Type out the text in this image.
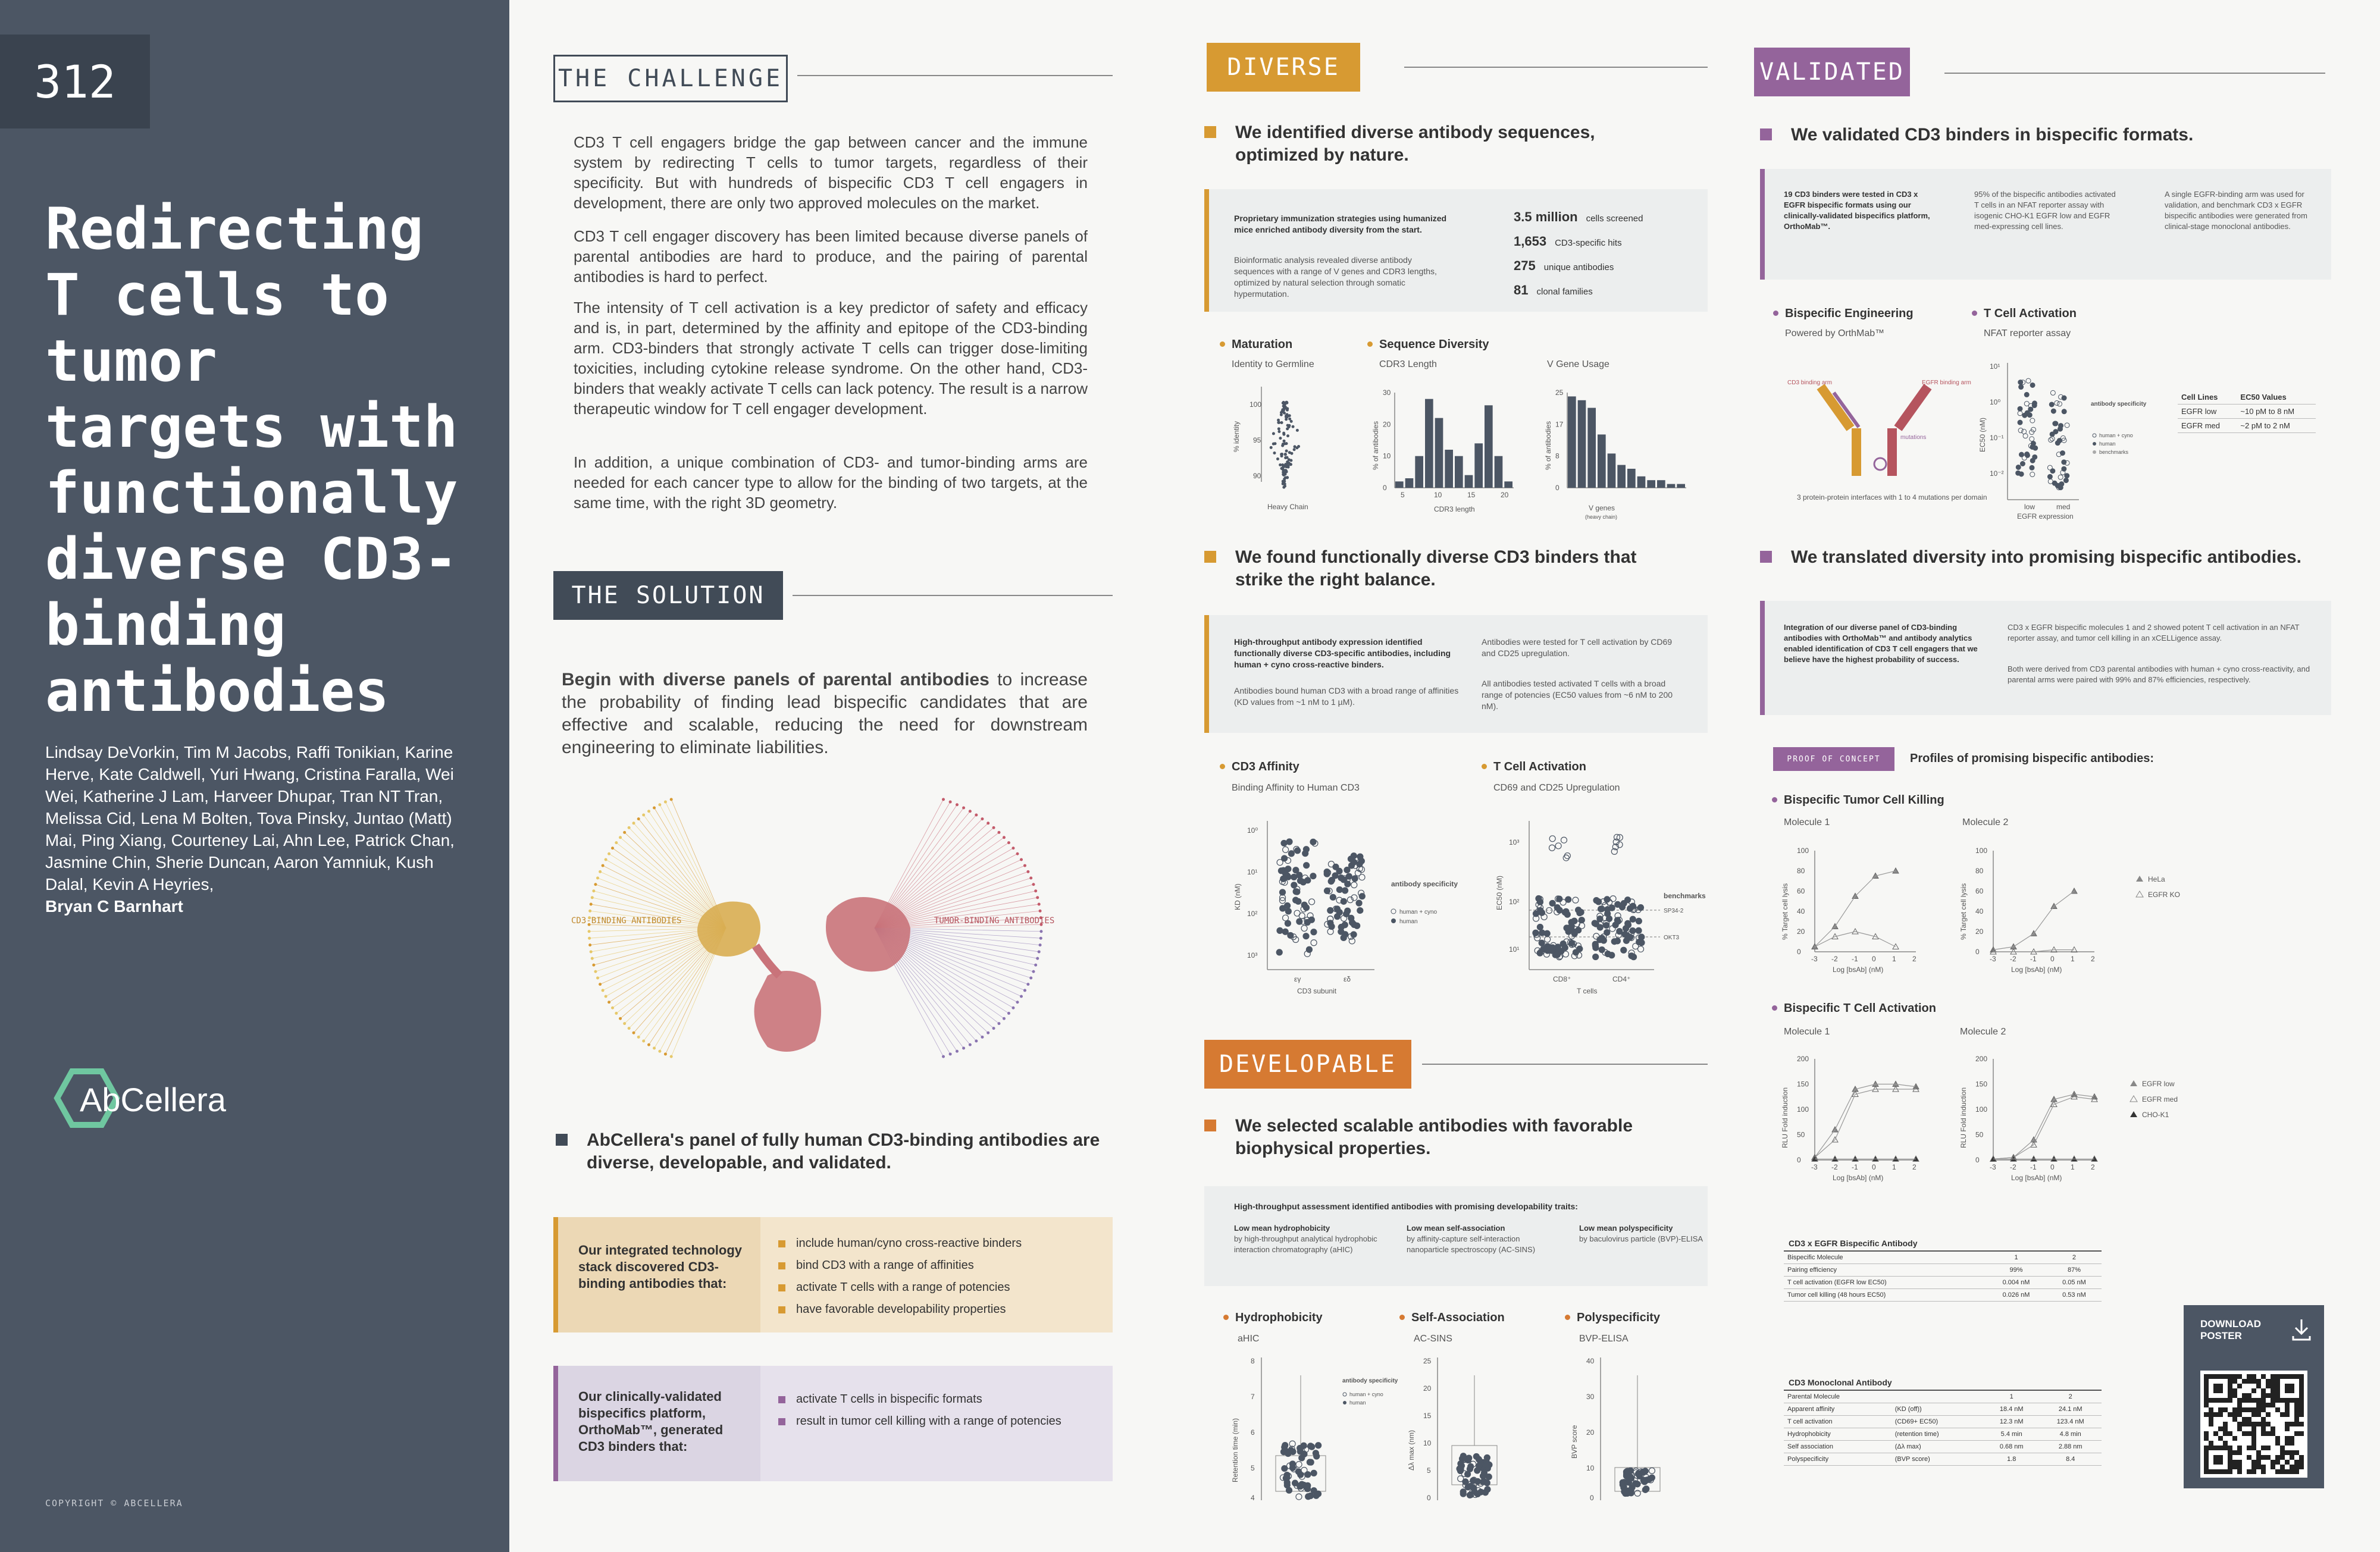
312
Redirecting T cells to tumor targets with functionally diverse CD3-binding antibodies
Lindsay DeVorkin, Tim M Jacobs, Raffi Tonikian, Karine Herve, Kate Caldwell, Yuri Hwang, Cristina Faralla, Wei Wei, Katherine J Lam, Harveer Dhupar, Tran NT Tran, Melissa Cid, Lena M Bolten, Tova Pinsky, Juntao (Matt) Mai, Ping Xiang, Courteney Lai, Ahn Lee, Patrick Chan, Jasmine Chin, Sherie Duncan, Aaron Yamniuk, Kush Dalal, Kevin A Heyries,
Bryan C Barnhart
AbCellera
COPYRIGHT © ABCELLERA
THE CHALLENGE
CD3 T cell engagers bridge the gap between cancer and the immune system by redirecting T cells to tumor targets, regardless of their specificity. But with hundreds of bispecific CD3 T cell engagers in development, there are only two approved molecules on the market.
CD3 T cell engager discovery has been limited because diverse panels of parental antibodies are hard to produce, and the pairing of parental antibodies is hard to perfect.
The intensity of T cell activation is a key predictor of safety and efficacy and is, in part, determined by the affinity and epitope of the CD3-binding arm. CD3-binders that strongly activate T cells can trigger dose-limiting toxicities, including cytokine release syndrome. On the other hand, CD3- binders that weakly activate T cells can lack potency. The result is a narrow therapeutic window for T cell engager development.
In addition, a unique combination of CD3- and tumor-binding arms are needed for each cancer type to allow for the binding of two targets, at the same time, with the right 3D geometry.
THE SOLUTION
Begin with diverse panels of parental antibodies to increase the probability of finding lead bispecific candidates that are effective and scalable, reducing the need for downstream engineering to eliminate liabilities.
CD3-BINDING ANTIBODIES	TUMOR-BINDING ANTIBODIES
AbCellera's panel of fully human CD3-binding antibodies are diverse, developable, and validated.
Our integrated technology stack discovered CD3-binding antibodies that:
include human/cyno cross-reactive binders
bind CD3 with a range of affinities
activate T cells with a range of potencies
have favorable developability properties
Our clinically-validated bispecifics platform, OrthoMab™, generated CD3 binders that:
activate T cells in bispecific formats
result in tumor cell killing with a range of potencies
DIVERSE
We identified diverse antibody sequences, optimized by nature.
Proprietary immunization strategies using humanized mice enriched antibody diversity from the start.
Bioinformatic analysis revealed diverse antibody sequences with a range of V genes and CDR3 lengths, optimized by natural selection through somatic hypermutation.
3.5 million cells screened
1,653 CD3-specific hits
275 unique antibodies
81 clonal families
Maturation
Identity to Germline
100
95
90
Heavy Chain
% identity
Sequence Diversity
CDR3 Length	V Gene Usage
0
10
20
30
5	10	15	20
CDR3 length
% of antibodies
0
8
17
25
V genes
(heavy chain)
% of antibodies
We found functionally diverse CD3 binders that strike the right balance.
High-throughput antibody expression identified functionally diverse CD3-specific antibodies, including human + cyno cross-reactive binders.
Antibodies bound human CD3 with a broad range of affinities (KD values from ~1 nM to 1 µM).
Antibodies were tested for T cell activation by CD69 and CD25 upregulation.
All antibodies tested activated T cells with a broad range of potencies (EC50 values from ~6 nM to 200 nM).
CD3 Affinity
Binding Affinity to Human CD3
10⁰
10¹
10²
10³
εγ	εδ
CD3 subunit
KD (nM)	antibody specificity
human + cyno
human
T Cell Activation
CD69 and CD25 Upregulation
10³
10²
10¹
CD8⁺	CD4⁺
T cells
EC50 (nM)	benchmarks
SP34-2
OKT3
DEVELOPABLE
We selected scalable antibodies with favorable biophysical properties.
High-throughput assessment identified antibodies with promising developability traits:
Low mean hydrophobicity
by high-throughput analytical hydrophobic interaction chromatography (aHIC)
Low mean self-association
by affinity-capture self-interaction nanoparticle spectroscopy (AC-SINS)
Low mean polyspecificity
by baculovirus particle (BVP)-ELISA
Hydrophobicity
aHIC
8
7
6
5
4
Retention time (min)
antibody specificity
human + cyno
human
Self-Association
AC-SINS
25
20
15
10
5
0
Δλ max (nm)
Polyspecificity
BVP-ELISA
40
30
20
10
0
BVP score
VALIDATED
We validated CD3 binders in bispecific formats.
19 CD3 binders were tested in CD3 x EGFR bispecific formats using our clinically-validated bispecifics platform, OrthoMab™.
95% of the bispecific antibodies activated T cells in an NFAT reporter assay with isogenic CHO-K1 EGFR low and EGFR med-expressing cell lines.
A single EGFR-binding arm was used for validation, and benchmark CD3 x EGFR bispecific antibodies were generated from clinical-stage monoclonal antibodies.
Bispecific Engineering
Powered by OrthMab™
CD3 binding arm	EGFR binding arm
mutations
3 protein-protein interfaces with 1 to 4 mutations per domain
T Cell Activation
NFAT reporter assay
10¹
10⁰
10⁻¹
10⁻²
low	med
EGFR expression
EC50 (nM)
antibody specificity
human + cyno
human
benchmarks
Cell Lines	EC50 Values
EGFR low	~10 pM to 8 nM
EGFR med	~2 pM to 2 nM
We translated diversity into promising bispecific antibodies.
Integration of our diverse panel of CD3-binding antibodies with OrthoMab™ and antibody analytics enabled identification of CD3 T cell engagers that we believe have the highest probability of success.
CD3 x EGFR bispecific molecules 1 and 2 showed potent T cell activation in an NFAT reporter assay, and tumor cell killing in an xCELLigence assay.
Both were derived from CD3 parental antibodies with human + cyno cross-reactivity, and parental arms were paired with 99% and 87% efficiencies, respectively.
PROOF OF CONCEPT	Profiles of promising bispecific antibodies:
Bispecific Tumor Cell Killing
Molecule 1	Molecule 2
0
20
40
60
80
100
-3 -2 -1 0 1 2
Log [bsAb] (nM)
% Target cell lysis
0
20
40
60
80
100
-3 -2 -1 0 1 2
Log [bsAb] (nM)
% Target cell lysis
HeLa
EGFR KO
Bispecific T Cell Activation
Molecule 1	Molecule 2
0
50
100
150
200
-3 -2 -1 0 1 2
Log [bsAb] (nM)
RLU Fold induction
0
50
100
150
200
-3 -2 -1 0 1 2
Log [bsAb] (nM)
RLU Fold induction
EGFR low
EGFR med
CHO-K1
CD3 x EGFR Bispecific Antibody
Bispecific Molecule		1	2
Pairing efficiency		99%	87%
T cell activation (EGFR low EC50)		0.004 nM	0.05 nM
Tumor cell killing (48 hours EC50)		0.026 nM	0.53 nM
CD3 Monoclonal Antibody
Parental Molecule		1	2
Apparent affinity	(KD (off))	18.4 nM	24.1 nM
T cell activation	(CD69+ EC50)	12.3 nM	123.4 nM
Hydrophobicity	(retention time)	5.4 min	4.8 min
Self association	(Δλ max)	0.68 nm	2.88 nm
Polyspecificity	(BVP score)	1.8	8.4
DOWNLOAD POSTER
